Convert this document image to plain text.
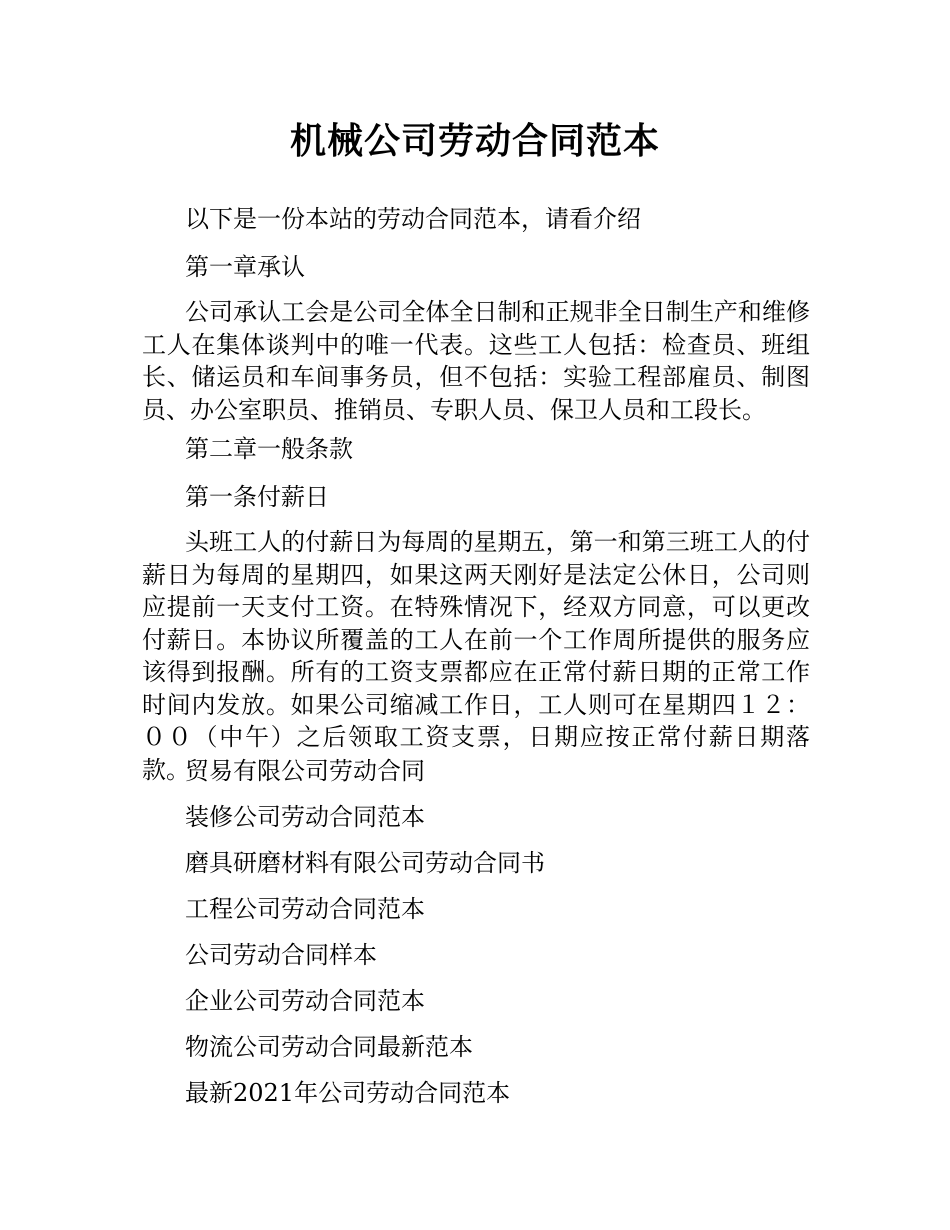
机械公司劳动合同范本

以下是一份本站的劳动合同范本，请看介绍

第一章承认

公司承认工会是公司全体全日制和正规非全日制生产和维修工人在集体谈判中的唯一代表。这些工人包括：检查员、班组长、储运员和车间事务员，但不包括：实验工程部雇员、制图员、办公室职员、推销员、专职人员、保卫人员和工段长。

第二章一般条款

第一条付薪日

头班工人的付薪日为每周的星期五，第一和第三班工人的付薪日为每周的星期四，如果这两天刚好是法定公休日，公司则应提前一天支付工资。在特殊情况下，经双方同意，可以更改付薪日。本协议所覆盖的工人在前一个工作周所提供的服务应该得到报酬。所有的工资支票都应在正常付薪日期的正常工作时间内发放。如果公司缩减工作日，工人则可在星期四１２：００（中午）之后领取工资支票，日期应按正常付薪日期落款。

贸易有限公司劳动合同

装修公司劳动合同范本

磨具研磨材料有限公司劳动合同书

工程公司劳动合同范本

公司劳动合同样本

企业公司劳动合同范本

物流公司劳动合同最新范本

最新2021年公司劳动合同范本
